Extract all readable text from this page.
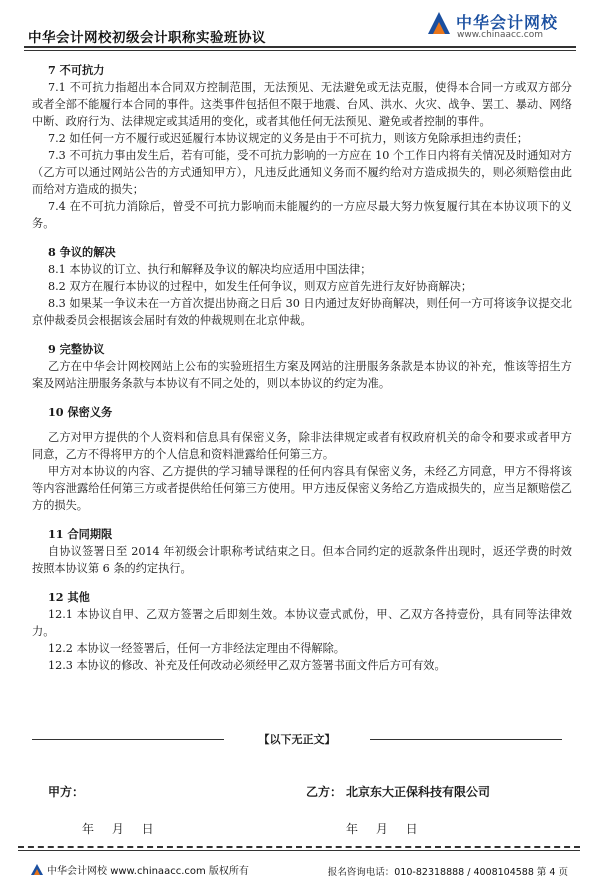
中华会计网校初级会计职称实验班协议
中华会计网校
www.chinaacc.com
7 不可抗力

7.1 不可抗力指超出本合同双方控制范围，无法预见、无法避免或无法克服，使得本合同一方或双方部分或者全部不能履行本合同的事件。这类事件包括但不限于地震、台风、洪水、火灾、战争、罢工、暴动、网络中断、政府行为、法律规定或其适用的变化，或者其他任何无法预见、避免或者控制的事件。

7.2 如任何一方不履行或迟延履行本协议规定的义务是由于不可抗力，则该方免除承担违约责任；

7.3 不可抗力事由发生后，若有可能，受不可抗力影响的一方应在 10 个工作日内将有关情况及时通知对方（乙方可以通过网站公告的方式通知甲方），凡违反此通知义务而不履约给对方造成损失的，则必须赔偿由此而给对方造成的损失；

7.4 在不可抗力消除后，曾受不可抗力影响而未能履约的一方应尽最大努力恢复履行其在本协议项下的义务。

8 争议的解决

8.1 本协议的订立、执行和解释及争议的解决均应适用中国法律；

8.2 双方在履行本协议的过程中，如发生任何争议，则双方应首先进行友好协商解决；

8.3 如果某一争议未在一方首次提出协商之日后 30 日内通过友好协商解决，则任何一方可将该争议提交北京仲裁委员会根据该会届时有效的仲裁规则在北京仲裁。

9 完整协议

乙方在中华会计网校网站上公布的实验班招生方案及网站的注册服务条款是本协议的补充，惟该等招生方案及网站注册服务条款与本协议有不同之处的，则以本协议的约定为准。

10 保密义务

乙方对甲方提供的个人资料和信息具有保密义务，除非法律规定或者有权政府机关的命令和要求或者甲方同意，乙方不得将甲方的个人信息和资料泄露给任何第三方。

甲方对本协议的内容、乙方提供的学习辅导课程的任何内容具有保密义务，未经乙方同意，甲方不得将该等内容泄露给任何第三方或者提供给任何第三方使用。甲方违反保密义务给乙方造成损失的，应当足额赔偿乙方的损失。

11 合同期限

自协议签署日至 2014 年初级会计职称考试结束之日。但本合同约定的返款条件出现时，返还学费的时效按照本协议第 6 条的约定执行。

12 其他

12.1 本协议自甲、乙双方签署之后即刻生效。本协议壹式贰份，甲、乙双方各持壹份，具有同等法律效力。

12.2 本协议一经签署后，任何一方非经法定理由不得解除。

12.3 本协议的修改、补充及任何改动必须经甲乙双方签署书面文件后方可有效。

【以下无正文】
甲方：	乙方： 北京东大正保科技有限公司
年 月 日	年 月 日
中华会计网校 www.chinaacc.com 版权所有	报名咨询电话：010-82318888 / 4008104588 第 4 页
